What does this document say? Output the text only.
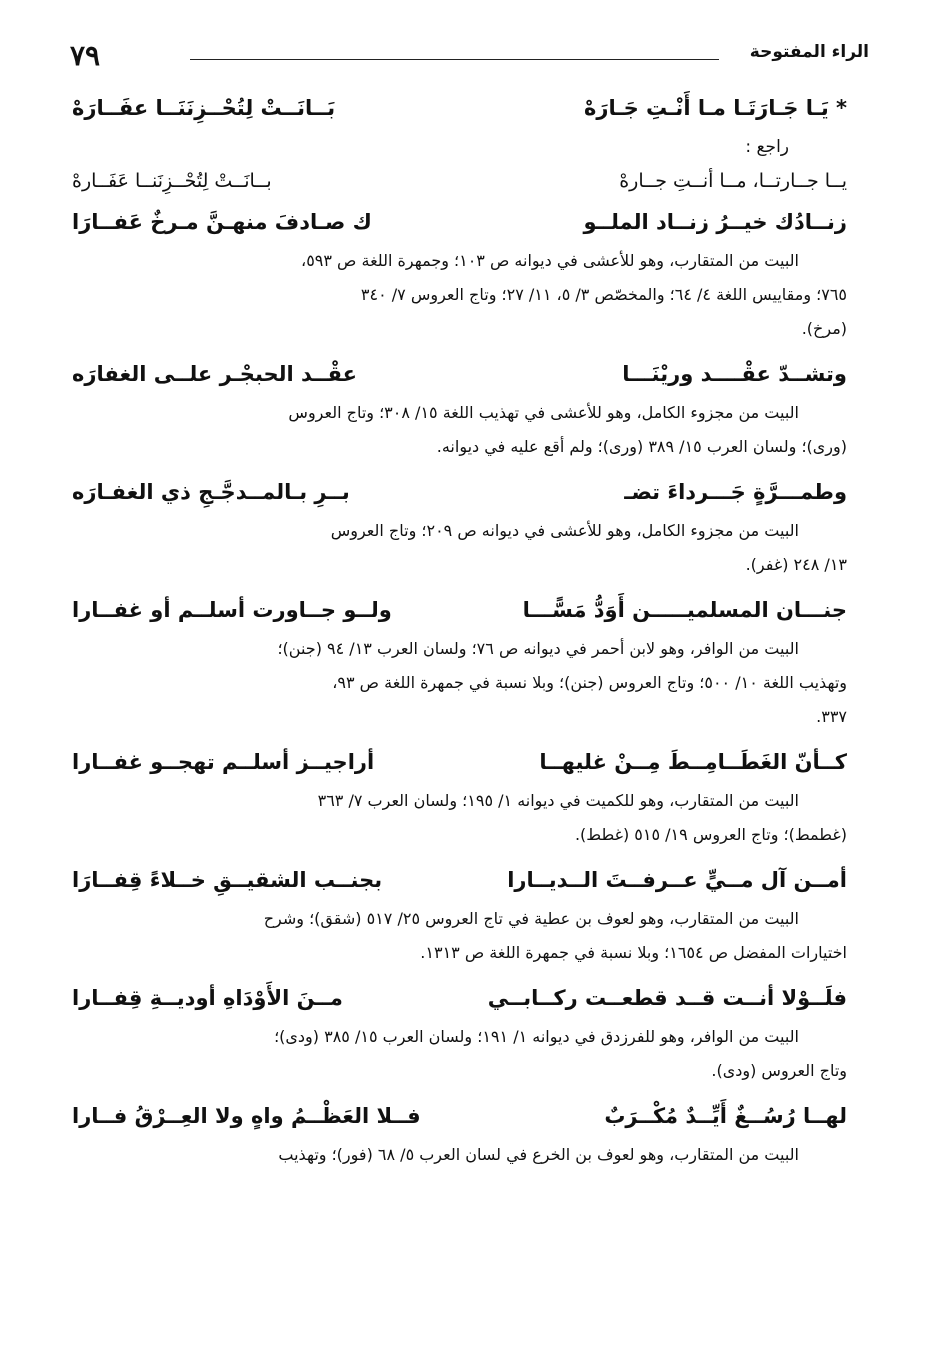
٧٩	الراء المفتوحة
* يَـا جَـارَتَـا مـا أَنْـتِ جَـارَهْ
بَــانَــتْ لِتُحْــزِنَنَــا عفَــارَهْ
راجع :
يــا جــارتــا، مــا أنــتِ جــارهْ
بــانَــتْ لِتُحْــزِنَنــا عَفَــارهْ
زنــادُك خيــرُ زنــاد الملــو
ك صـادفَ منهـنَّ مـرخٌ عَفــارَا
البيت من المتقارب، وهو للأعشى في ديوانه ص ١٠٣؛ وجمهرة اللغة ص ٥٩٣،
٧٦٥؛ ومقاييس اللغة ٤/ ٦٤؛ والمخصّص ٣/ ٥، ١١/ ٢٧؛ وتاج العروس ٧/ ٣٤٠
(مرخ).
وتشــدّ عقْــــد وريْنَـــا
عقْــد الحبجْـر علــى الغفارَه
البيت من مجزوء الكامل، وهو للأعشى في تهذيب اللغة ١٥/ ٣٠٨؛ وتاج العروس
(ورى)؛ ولسان العرب ١٥/ ٣٨٩ (ورى)؛ ولم أقع عليه في ديوانه.
وطمـــرَّةٍ جَـــرداءَ تضـ
بــرِ بـالمــدجَّـجِ ذي الغفـارَه
البيت من مجزوء الكامل، وهو للأعشى في ديوانه ص ٢٠٩؛ وتاج العروس
١٣/ ٢٤٨ (غفر).
جنـــان المسلميـــــن أَوَدُّ مَسًّـــا
ولــو جــاورت أسلــم أو غفــارا
البيت من الوافر، وهو لابن أحمر في ديوانه ص ٧٦؛ ولسان العرب ١٣/ ٩٤ (جنن)؛
وتهذيب اللغة ١٠/ ٥٠٠؛ وتاج العروس (جنن)؛ وبلا نسبة في جمهرة اللغة ص ٩٣،
٣٣٧.
كــأنّ الغَطَــامِــطَ مِــنْ غليهــا
أراجيــز أسلــم تهجــو غفــارا
البيت من المتقارب، وهو للكميت في ديوانه ١/ ١٩٥؛ ولسان العرب ٧/ ٣٦٣
(غطمط)؛ وتاج العروس ١٩/ ٥١٥ (غطط).
أمــن آل مــيٍّ عــرفــتَ الــديــارا
بجنــب الشقيــقِ خــلاءً قِفــارَا
البيت من المتقارب، وهو لعوف بن عطية في تاج العروس ٢٥/ ٥١٧ (شقق)؛ وشرح
اختيارات المفضل ص ١٦٥٤؛ وبلا نسبة في جمهرة اللغة ص ١٣١٣.
فلَــوْلا أنــت قــد قطعــت ركــابــي
مــنَ الأَوْدَاهِ أوديــةِ قِفــارا
البيت من الوافر، وهو للفرزدق في ديوانه ١/ ١٩١؛ ولسان العرب ١٥/ ٣٨٥ (ودى)؛
وتاج العروس (ودى).
لهــا رُسُــغٌ أَيِّــدٌ مُكْــرَبٌ
فــلا العَظْــمُ واهٍ ولا العِــرْقُ فــارا
البيت من المتقارب، وهو لعوف بن الخرع في لسان العرب ٥/ ٦٨ (فور)؛ وتهذيب
